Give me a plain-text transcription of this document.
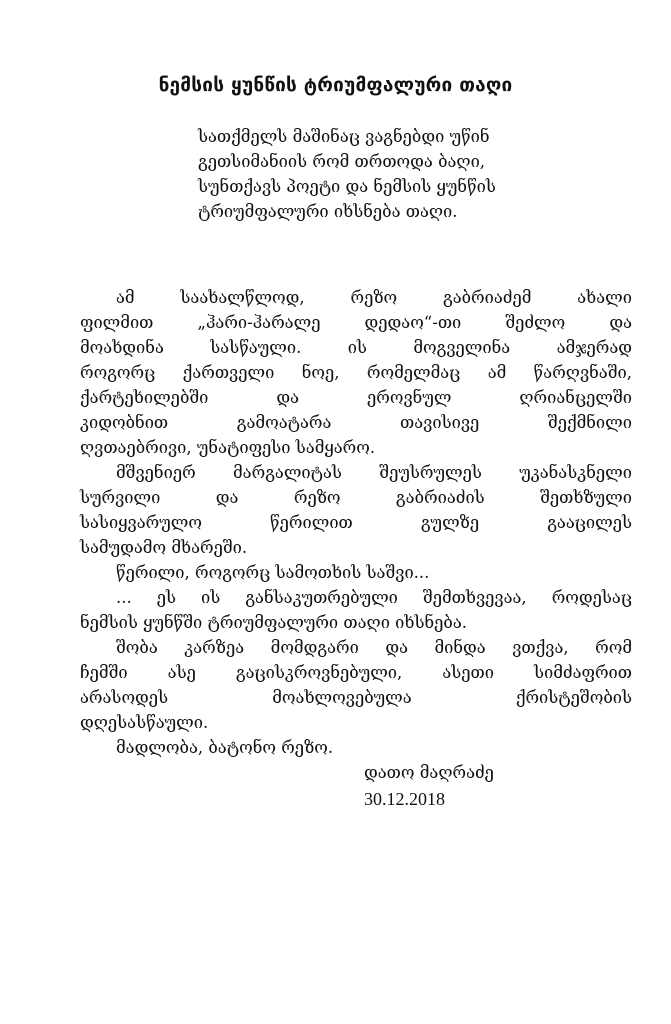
ნემსის ყუნწის ტრიუმფალური თაღი
სათქმელს მაშინაც ვაგნებდი უწინ
გეთსიმანიის რომ თრთოდა ბაღი,
სუნთქავს პოეტი და ნემსის ყუნწის
ტრიუმფალური იხსნება თაღი.
ამ საახალწლოდ, რეზო გაბრიაძემ ახალი
ფილმით „ჰარი-ჰარალე დედაო“-თი შეძლო და
მოახდინა სასწაული. ის მოგველინა ამჯერად
როგორც ქართველი ნოე, რომელმაც ამ წარღვნაში,
ქარტეხილებში და ეროვნულ ღრიანცელში
კიდობნით გამოატარა თავისივე შექმნილი
ღვთაებრივი, უნატიფესი სამყარო.
მშვენიერ მარგალიტას შეუსრულეს უკანასკნელი
სურვილი და რეზო გაბრიაძის შეთხზული
სასიყვარულო წერილით გულზე გააცილეს
სამუდამო მხარეში.
წერილი, როგორც სამოთხის საშვი...
... ეს ის განსაკუთრებული შემთხვევაა, როდესაც
ნემსის ყუნწში ტრიუმფალური თაღი იხსნება.
შობა კარზეა მომდგარი და მინდა ვთქვა, რომ
ჩემში ასე გაცისკროვნებული, ასეთი სიმძაფრით
არასოდეს მოახლოვებულა ქრისტეშობის
დღესასწაული.
მადლობა, ბატონო რეზო.
დათო მაღრაძე
30.12.2018
